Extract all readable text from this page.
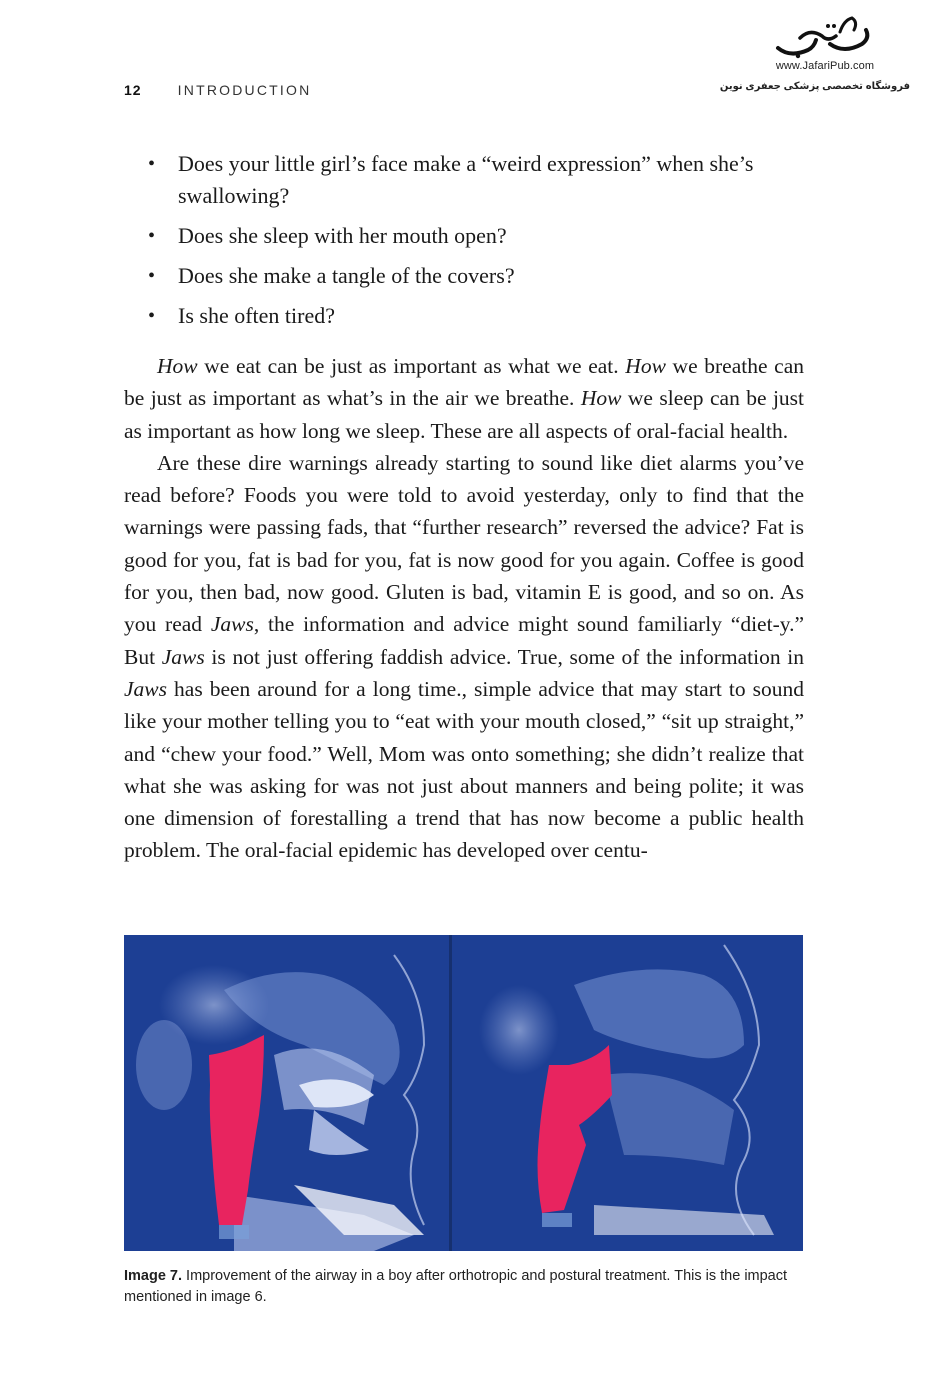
www.JafariPub.com
فروشگاه تخصصی پزشکی جعفری نوین
12	INTRODUCTION
• Does your little girl’s face make a “weird expression” when she’s swallowing?
• Does she sleep with her mouth open?
• Does she make a tangle of the covers?
• Is she often tired?

How we eat can be just as important as what we eat. How we breathe can be just as important as what’s in the air we breathe. How we sleep can be just as important as how long we sleep. These are all aspects of oral-facial health.

Are these dire warnings already starting to sound like diet alarms you’ve read before? Foods you were told to avoid yesterday, only to find that the warnings were passing fads, that “further research” reversed the advice? Fat is good for you, fat is bad for you, fat is now good for you again. Coffee is good for you, then bad, now good. Gluten is bad, vitamin E is good, and so on. As you read Jaws, the information and advice might sound familiarly “diet-y.” But Jaws is not just offering faddish advice. True, some of the information in Jaws has been around for a long time., simple advice that may start to sound like your mother telling you to “eat with your mouth closed,” “sit up straight,” and “chew your food.” Well, Mom was onto something; she didn’t realize that what she was asking for was not just about manners and being polite; it was one dimension of forestalling a trend that has now become a public health problem. The oral-facial epidemic has developed over centu-

Image 7. Improvement of the airway in a boy after orthotropic and postural treatment. This is the impact mentioned in image 6.
